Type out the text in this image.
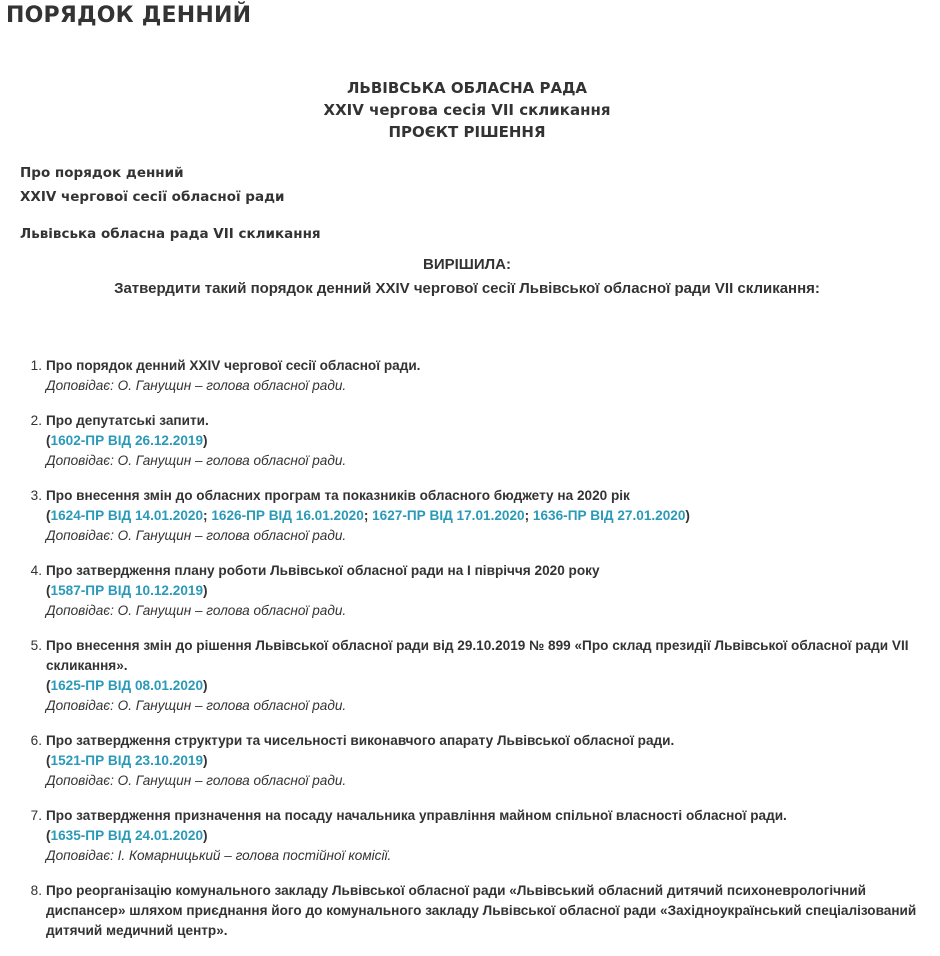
ПОРЯДОК ДЕННИЙ
ЛЬВІВСЬКА ОБЛАСНА РАДА
XXIV чергова сесія VII скликання
ПРОЄКТ РІШЕННЯ
Про порядок денний
XXIV чергової сесії обласної ради
Львівська обласна рада VII скликання
ВИРІШИЛА:
Затвердити такий порядок денний XXIV чергової сесії Львівської обласної ради VII скликання:
1. Про порядок денний XXIV чергової сесії обласної ради.
Доповідає: О. Ганущин – голова обласної ради.
2. Про депутатські запити.
(1602-ПР ВІД 26.12.2019)
Доповідає: О. Ганущин – голова обласної ради.
3. Про внесення змін до обласних програм та показників обласного бюджету на 2020 рік
(1624-ПР ВІД 14.01.2020; 1626-ПР ВІД 16.01.2020; 1627-ПР ВІД 17.01.2020; 1636-ПР ВІД 27.01.2020)
Доповідає: О. Ганущин – голова обласної ради.
4. Про затвердження плану роботи Львівської обласної ради на I півріччя 2020 року
(1587-ПР ВІД 10.12.2019)
Доповідає: О. Ганущин – голова обласної ради.
5. Про внесення змін до рішення Львівської обласної ради від 29.10.2019 № 899 «Про склад президії Львівської обласної ради VII скликання».
(1625-ПР ВІД 08.01.2020)
Доповідає: О. Ганущин – голова обласної ради.
6. Про затвердження структури та чисельності виконавчого апарату Львівської обласної ради.
(1521-ПР ВІД 23.10.2019)
Доповідає: О. Ганущин – голова обласної ради.
7. Про затвердження призначення на посаду начальника управління майном спільної власності обласної ради.
(1635-ПР ВІД 24.01.2020)
Доповідає: І. Комарницький – голова постійної комісії.
8. Про реорганізацію комунального закладу Львівської обласної ради «Львівський обласний дитячий психоневрологічний диспансер» шляхом приєднання його до комунального закладу Львівської обласної ради «Західноукраїнський спеціалізований дитячий медичний центр».
